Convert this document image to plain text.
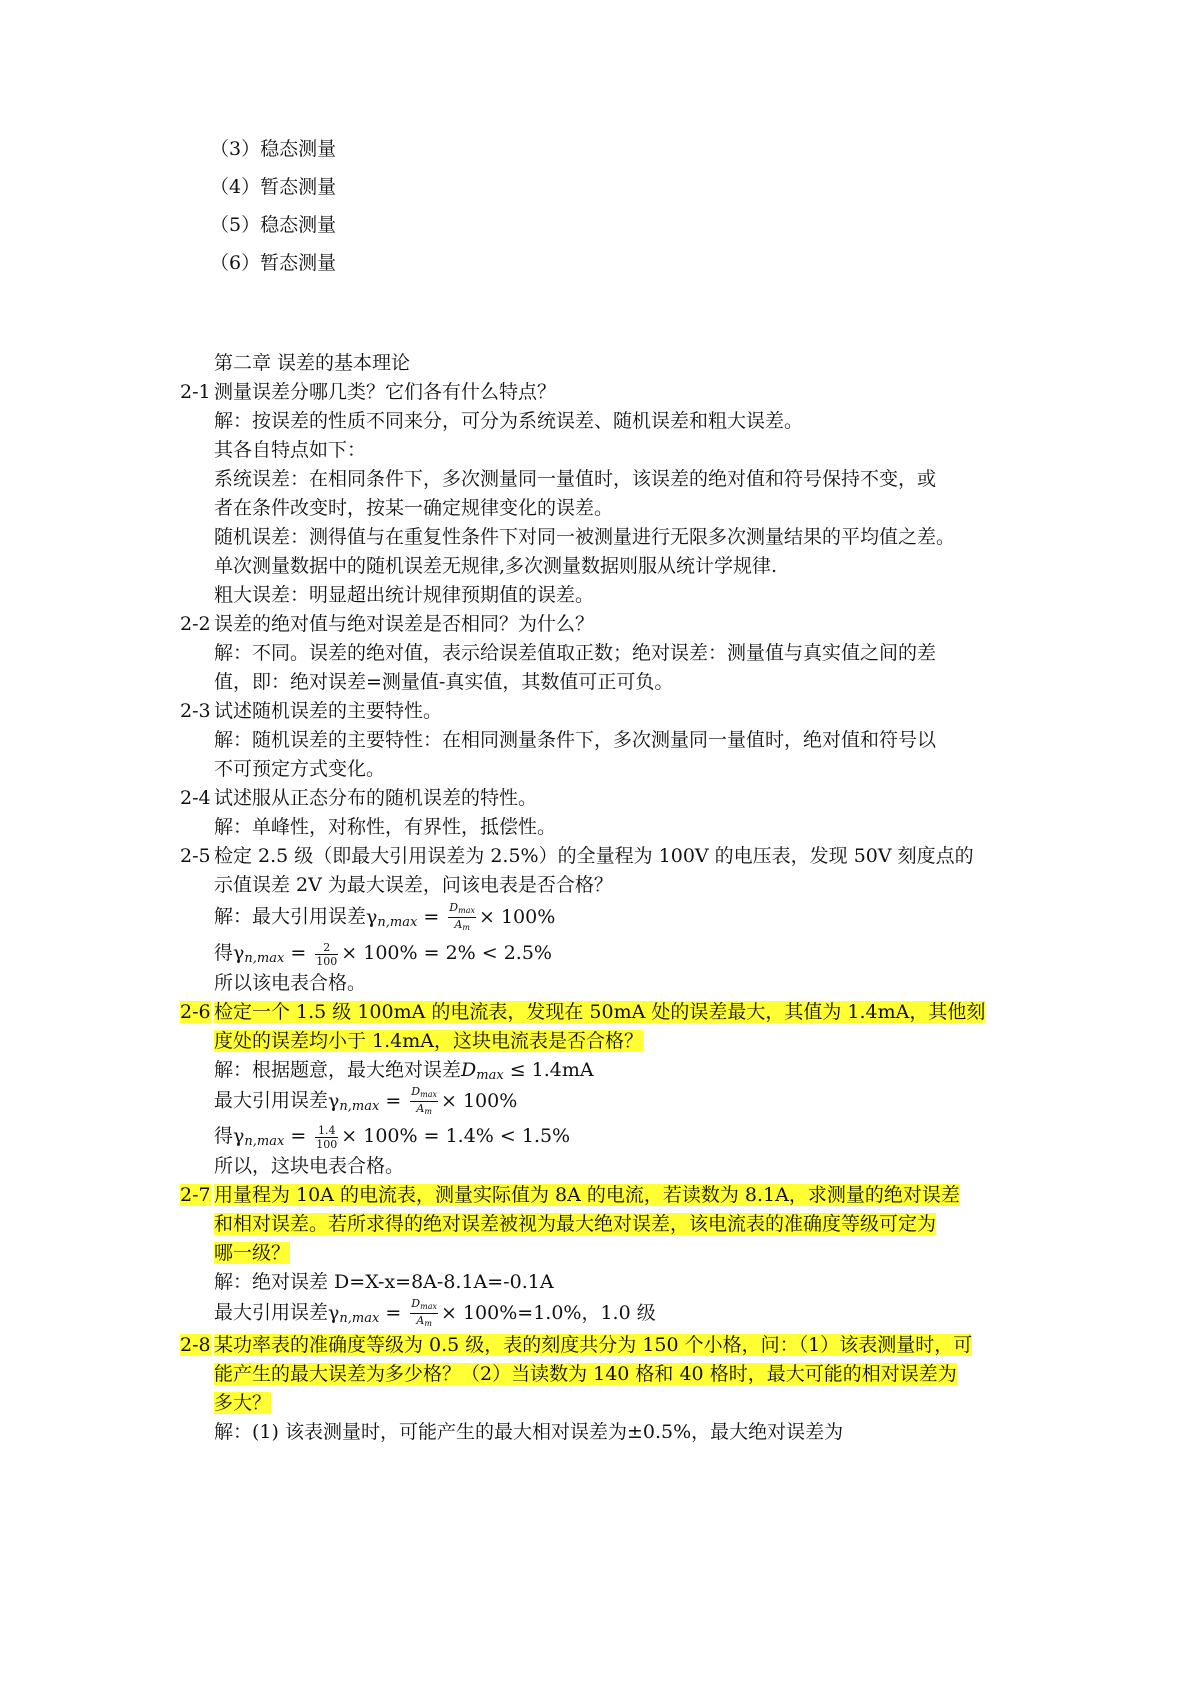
（3）稳态测量
（4）暂态测量
（5）稳态测量
（6）暂态测量
第二章 误差的基本理论
2-1 测量误差分哪几类？它们各有什么特点？
解：按误差的性质不同来分，可分为系统误差、随机误差和粗大误差。
其各自特点如下：
系统误差：在相同条件下，多次测量同一量值时，该误差的绝对值和符号保持不变，或
者在条件改变时，按某一确定规律变化的误差。
随机误差：测得值与在重复性条件下对同一被测量进行无限多次测量结果的平均值之差。
单次测量数据中的随机误差无规律,多次测量数据则服从统计学规律.
粗大误差：明显超出统计规律预期值的误差。
2-2 误差的绝对值与绝对误差是否相同？为什么？
解：不同。误差的绝对值，表示给误差值取正数；绝对误差：测量值与真实值之间的差
值，即：绝对误差=测量值-真实值，其数值可正可负。
2-3 试述随机误差的主要特性。
解：随机误差的主要特性：在相同测量条件下，多次测量同一量值时，绝对值和符号以
不可预定方式变化。
2-4 试述服从正态分布的随机误差的特性。
解：单峰性，对称性，有界性，抵偿性。
2-5 检定 2.5 级（即最大引用误差为 2.5%）的全量程为 100V 的电压表，发现 50V 刻度点的
示值误差 2V 为最大误差，问该电表是否合格？
解：最大引用误差$\gamma_{n,max} = \frac{D_{max}}{A_m} \times 100\%$
得$\gamma_{n,max} = \frac{2}{100} \times 100\% = 2\% < 2.5\%$
所以该电表合格。
2-6 检定一个 1.5 级 100mA 的电流表，发现在 50mA 处的误差最大，其值为 1.4mA，其他刻
度处的误差均小于 1.4mA，这块电流表是否合格？
解：根据题意，最大绝对误差$D_{max} \le 1.4mA$
最大引用误差$\gamma_{n,max} = \frac{D_{max}}{A_m} \times 100\%$
得$\gamma_{n,max} = \frac{1.4}{100} \times 100\% = 1.4\% < 1.5\%$
所以，这块电表合格。
2-7 用量程为 10A 的电流表，测量实际值为 8A 的电流，若读数为 8.1A，求测量的绝对误差
和相对误差。若所求得的绝对误差被视为最大绝对误差，该电流表的准确度等级可定为
哪一级？
解：绝对误差 D=X-x=8A-8.1A=-0.1A
最大引用误差$\gamma_{n,max} = \frac{D_{max}}{A_m} \times 100\%=1.0\%$，1.0 级
2-8 某功率表的准确度等级为 0.5 级，表的刻度共分为 150 个小格，问：（1）该表测量时，可
能产生的最大误差为多少格？（2）当读数为 140 格和 40 格时，最大可能的相对误差为
多大？
解：(1) 该表测量时，可能产生的最大相对误差为±0.5%，最大绝对误差为
